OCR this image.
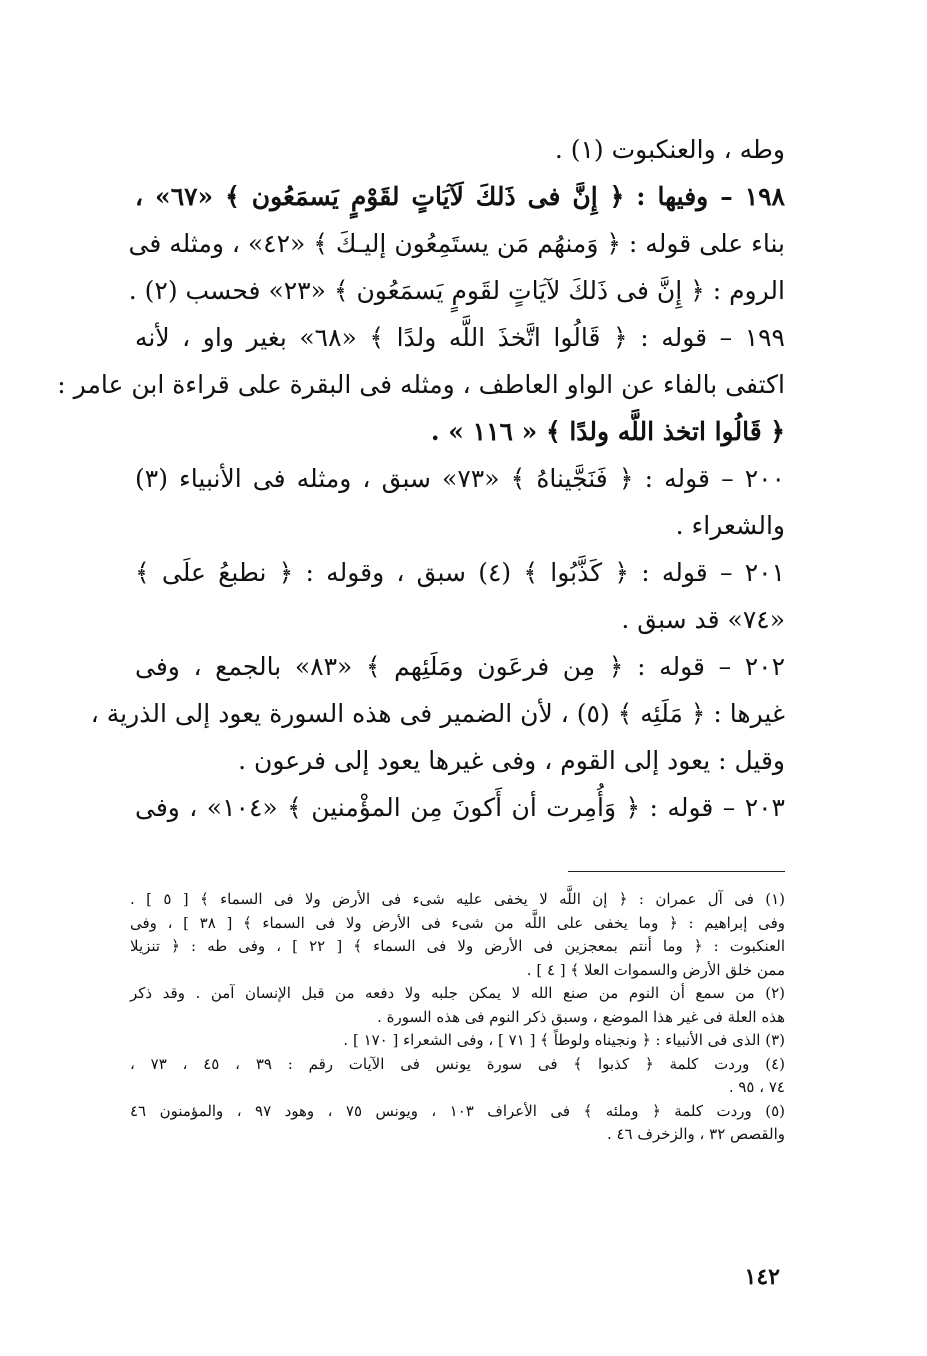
وطه ، والعنكبوت (١) .
١٩٨ – وفيها : ﴿ إِنَّ فى ذَلكَ لَآيَاتٍ لقَوْمٍ يَسمَعُون ﴾ «٦٧» ،
بناء على قوله : ﴿ وَمنهُم مَن يستَمِعُون إليـكَ ﴾ «٤٢» ، ومثله فى
الروم : ﴿ إِنَّ فى ذَلكَ لآيَاتٍ لقَومٍ يَسمَعُون ﴾ «٢٣» فحسب (٢) .
١٩٩ – قوله : ﴿ قَالُوا اتَّخذَ اللَّه ولدًا ﴾ «٦٨» بغير واو ، لأنه
اكتفى بالفاء عن الواو العاطف ، ومثله فى البقرة على قراءة ابن عامر :
﴿ قَالُوا اتخذ اللَّه ولدًا ﴾ « ١١٦ » .
٢٠٠ – قوله : ﴿ فَنَجَّيناهُ ﴾ «٧٣» سبق ، ومثله فى الأنبياء (٣)
والشعراء .
٢٠١ – قوله : ﴿ كَذَّبُوا ﴾ (٤) سبق ، وقوله : ﴿ نطبعُ علَى ﴾
«٧٤» قد سبق .
٢٠٢ – قوله : ﴿ مِن فرعَون ومَلَئِهم ﴾ «٨٣» بالجمع ، وفى
غيرها : ﴿ مَلَئِه ﴾ (٥) ، لأن الضمير فى هذه السورة يعود إلى الذرية ،
وقيل : يعود إلى القوم ، وفى غيرها يعود إلى فرعون .
٢٠٣ – قوله : ﴿ وَأُمِرت أن أَكونَ مِن المؤْمنين ﴾ «١٠٤» ، وفى
(١) فى آل عمران : ﴿ إن اللَّه لا يخفى عليه شىء فى الأرض ولا فى السماء ﴾ [ ٥ ] .
وفى إبراهيم : ﴿ وما يخفى على اللَّه من شىء فى الأرض ولا فى السماء ﴾ [ ٣٨ ] ، وفى
العنكبوت : ﴿ وما أنتم بمعجزين فى الأرض ولا فى السماء ﴾ [ ٢٢ ] ، وفى طه : ﴿ تنزيلا
ممن خلق الأرض والسموات العلا ﴾ [ ٤ ] .
(٢) من سمع أن النوم من صنع الله لا يمكن جلبه ولا دفعه من قبل الإنسان آمن . وقد ذكر
هذه العلة فى غير هذا الموضع ، وسبق ذكر النوم فى هذه السورة .
(٣) الذى فى الأنبياء : ﴿ ونجيناه ولوطاً ﴾ [ ٧١ ] ، وفى الشعراء [ ١٧٠ ] .
(٤) وردت كلمة ﴿ كذبوا ﴾ فى سورة يونس فى الآيات رقم : ٣٩ ، ٤٥ ، ٧٣ ،
٧٤ ، ٩٥ .
(٥) وردت كلمة ﴿ وملئه ﴾ فى الأعراف ١٠٣ ، ويونس ٧٥ ، وهود ٩٧ ، والمؤمنون ٤٦
والقصص ٣٢ ، والزخرف ٤٦ .
١٤٢
